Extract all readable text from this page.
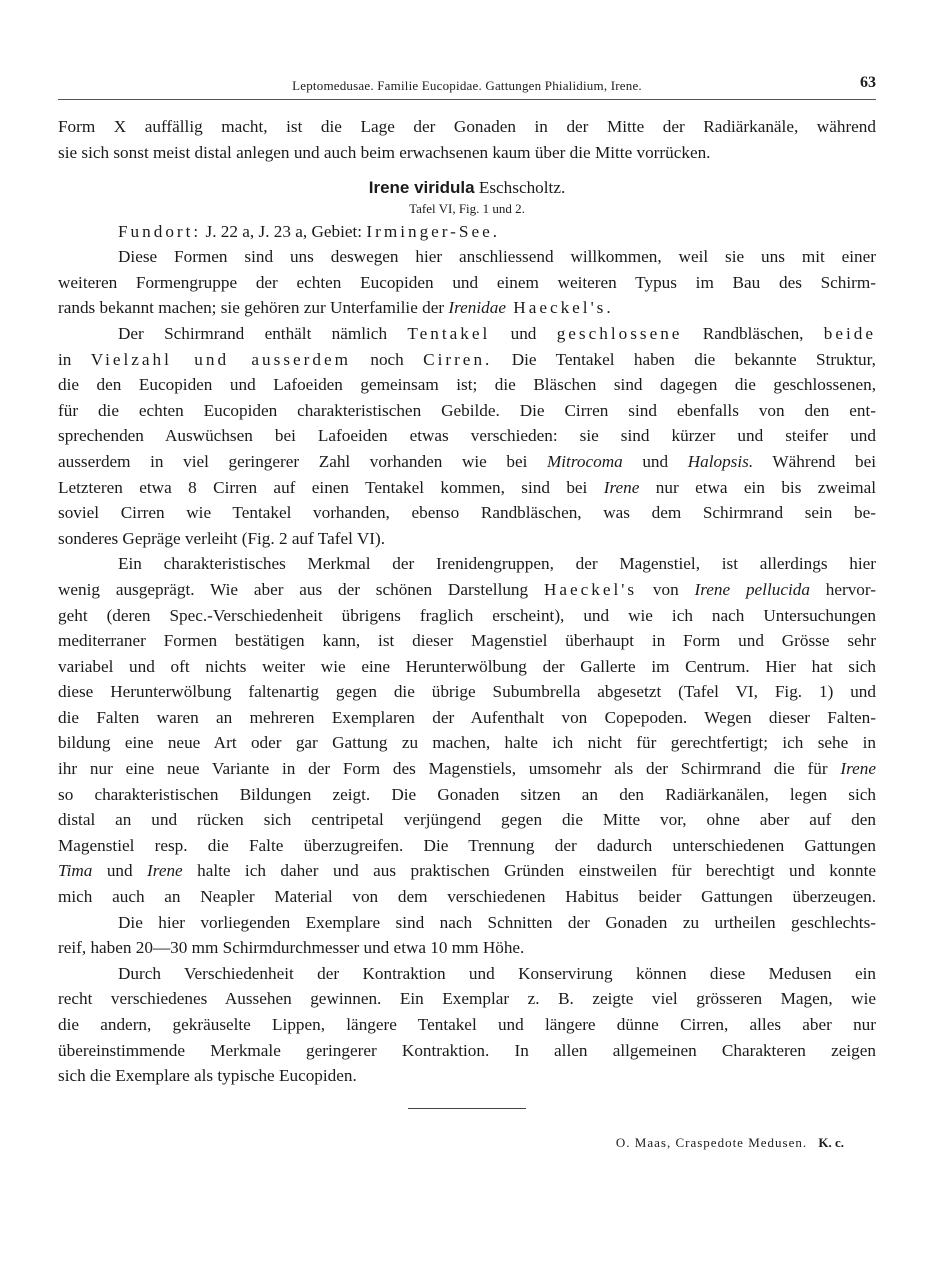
Leptomedusae. Familie Eucopidae. Gattungen Phialidium, Irene.	63
Form X auffällig macht, ist die Lage der Gonaden in der Mitte der Radiärkanäle, während
sie sich sonst meist distal anlegen und auch beim erwachsenen kaum über die Mitte vorrücken.
Irene viridula Eschscholtz.
Tafel VI, Fig. 1 und 2.
Fundort: J. 22 a, J. 23 a, Gebiet: Irminger-See.
Diese Formen sind uns deswegen hier anschliessend willkommen, weil sie uns mit einer
weiteren Formengruppe der echten Eucopiden und einem weiteren Typus im Bau des Schirm-
rands bekannt machen; sie gehören zur Unterfamilie der Irenidae Haeckel's.
Der Schirmrand enthält nämlich Tentakel und geschlossene Randbläschen, beide
in Vielzahl und ausserdem noch Cirren. Die Tentakel haben die bekannte Struktur,
die den Eucopiden und Lafoeiden gemeinsam ist; die Bläschen sind dagegen die geschlossenen,
für die echten Eucopiden charakteristischen Gebilde. Die Cirren sind ebenfalls von den ent-
sprechenden Auswüchsen bei Lafoeiden etwas verschieden: sie sind kürzer und steifer und
ausserdem in viel geringerer Zahl vorhanden wie bei Mitrocoma und Halopsis. Während bei
Letzteren etwa 8 Cirren auf einen Tentakel kommen, sind bei Irene nur etwa ein bis zweimal
soviel Cirren wie Tentakel vorhanden, ebenso Randbläschen, was dem Schirmrand sein be-
sonderes Gepräge verleiht (Fig. 2 auf Tafel VI).
Ein charakteristisches Merkmal der Irenidengruppen, der Magenstiel, ist allerdings hier
wenig ausgeprägt. Wie aber aus der schönen Darstellung Haeckel's von Irene pellucida hervor-
geht (deren Spec.-Verschiedenheit übrigens fraglich erscheint), und wie ich nach Untersuchungen
mediterraner Formen bestätigen kann, ist dieser Magenstiel überhaupt in Form und Grösse sehr
variabel und oft nichts weiter wie eine Herunterwölbung der Gallerte im Centrum. Hier hat sich
diese Herunterwölbung faltenartig gegen die übrige Subumbrella abgesetzt (Tafel VI, Fig. 1) und
die Falten waren an mehreren Exemplaren der Aufenthalt von Copepoden. Wegen dieser Falten-
bildung eine neue Art oder gar Gattung zu machen, halte ich nicht für gerechtfertigt; ich sehe in
ihr nur eine neue Variante in der Form des Magenstiels, umsomehr als der Schirmrand die für Irene
so charakteristischen Bildungen zeigt. Die Gonaden sitzen an den Radiärkanälen, legen sich
distal an und rücken sich centripetal verjüngend gegen die Mitte vor, ohne aber auf den
Magenstiel resp. die Falte überzugreifen. Die Trennung der dadurch unterschiedenen Gattungen
Tima und Irene halte ich daher und aus praktischen Gründen einstweilen für berechtigt und konnte
mich auch an Neapler Material von dem verschiedenen Habitus beider Gattungen überzeugen.
Die hier vorliegenden Exemplare sind nach Schnitten der Gonaden zu urtheilen geschlechts-
reif, haben 20—30 mm Schirmdurchmesser und etwa 10 mm Höhe.
Durch Verschiedenheit der Kontraktion und Konservirung können diese Medusen ein
recht verschiedenes Aussehen gewinnen. Ein Exemplar z. B. zeigte viel grösseren Magen, wie
die andern, gekräuselte Lippen, längere Tentakel und längere dünne Cirren, alles aber nur
übereinstimmende Merkmale geringerer Kontraktion. In allen allgemeinen Charakteren zeigen
sich die Exemplare als typische Eucopiden.
O. Maas, Craspedote Medusen. K. c.
